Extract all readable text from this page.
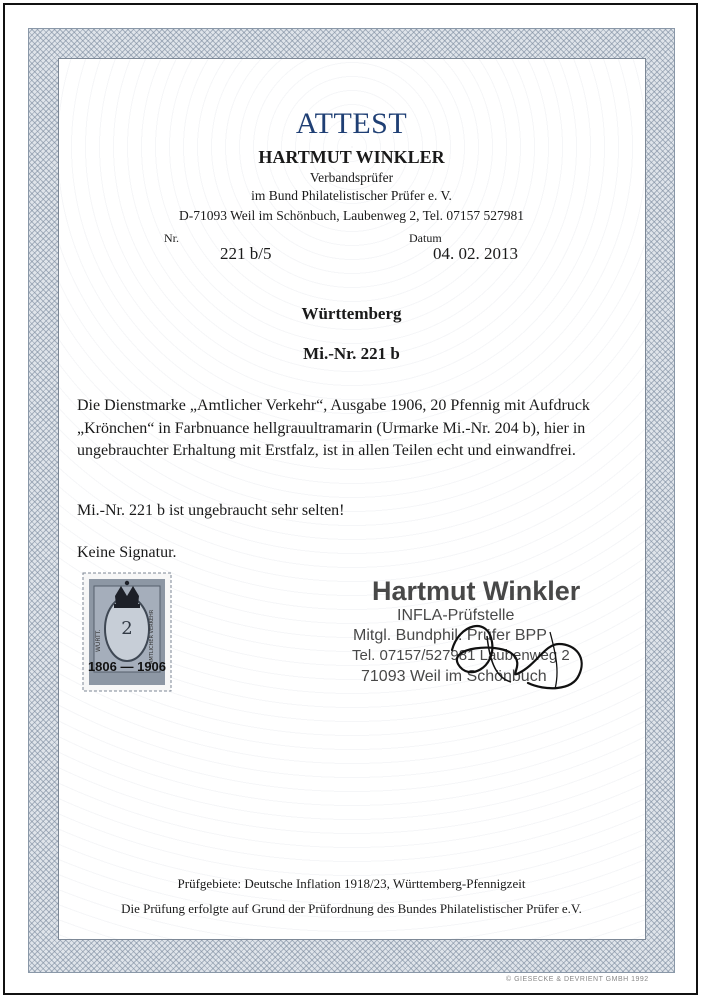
ATTEST
HARTMUT WINKLER
Verbandsprüfer
im Bund Philatelistischer Prüfer e. V.
D-71093 Weil im Schönbuch, Laubenweg 2, Tel. 07157 527981
Nr.
221 b/5
Datum
04. 02. 2013
Württemberg
Mi.-Nr. 221 b
Die Dienstmarke „Amtlicher Verkehr“, Ausgabe 1906, 20 Pfennig mit Aufdruck „Krönchen“ in Farbnuance hellgrauultramarin (Urmarke Mi.-Nr. 204 b), hier in ungebrauchter Erhaltung mit Erstfalz, ist in allen Teilen echt und einwandfrei.
Mi.-Nr. 221 b ist ungebraucht sehr selten!
Keine Signatur.
2
WÜRTT.	AMTLICHER VERKEHR
1806 — 1906
Hartmut Winkler
INFLA-Prüfstelle
Mitgl. Bundphil. Prüfer BPP
Tel. 07157/527981 Laubenweg 2
71093 Weil im Schönbuch
Prüfgebiete: Deutsche Inflation 1918/23, Württemberg-Pfennigzeit
Die Prüfung erfolgte auf Grund der Prüfordnung des Bundes Philatelistischer Prüfer e.V.
© GIESECKE & DEVRIENT GMBH 1992
